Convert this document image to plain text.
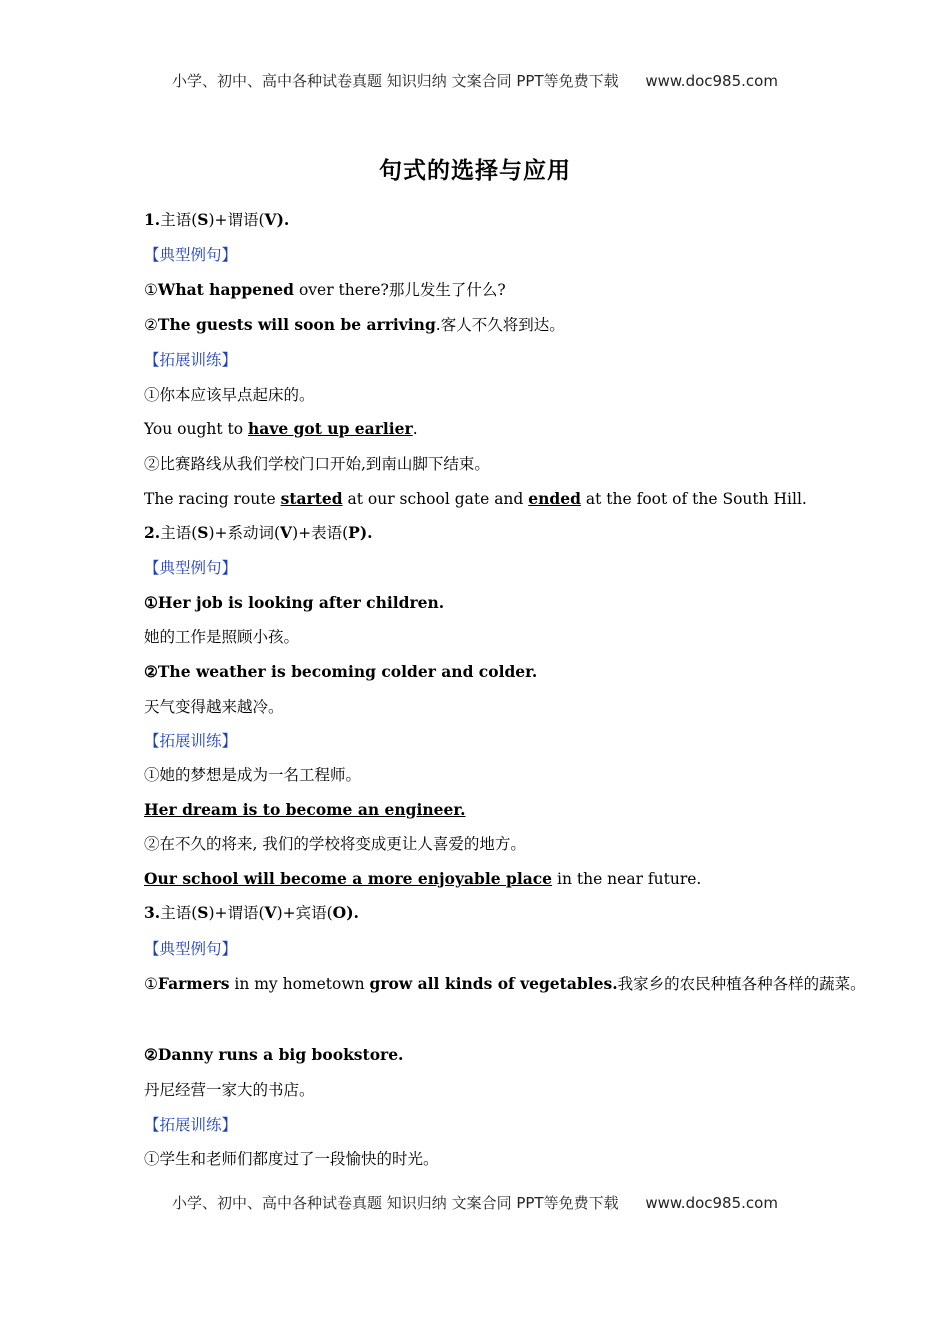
小学、初中、高中各种试卷真题 知识归纳 文案合同 PPT等免费下载 www.doc985.com
句式的选择与应用
1.主语(S)+谓语(V).
【典型例句】
①What happened over there?那儿发生了什么?
②The guests will soon be arriving.客人不久将到达。
【拓展训练】
①你本应该早点起床的。
You ought to have got up earlier.
②比赛路线从我们学校门口开始,到南山脚下结束。
The racing route started at our school gate and ended at the foot of the South Hill.
2.主语(S)+系动词(V)+表语(P).
【典型例句】
①Her job is looking after children.
她的工作是照顾小孩。
②The weather is becoming colder and colder.
天气变得越来越冷。
【拓展训练】
①她的梦想是成为一名工程师。
Her dream is to become an engineer.
②在不久的将来, 我们的学校将变成更让人喜爱的地方。
Our school will become a more enjoyable place in the near future.
3.主语(S)+谓语(V)+宾语(O).
【典型例句】
①Farmers in my hometown grow all kinds of vegetables.我家乡的农民种植各种各样的蔬菜。
②Danny runs a big bookstore.
丹尼经营一家大的书店。
【拓展训练】
①学生和老师们都度过了一段愉快的时光。
小学、初中、高中各种试卷真题 知识归纳 文案合同 PPT等免费下载 www.doc985.com
